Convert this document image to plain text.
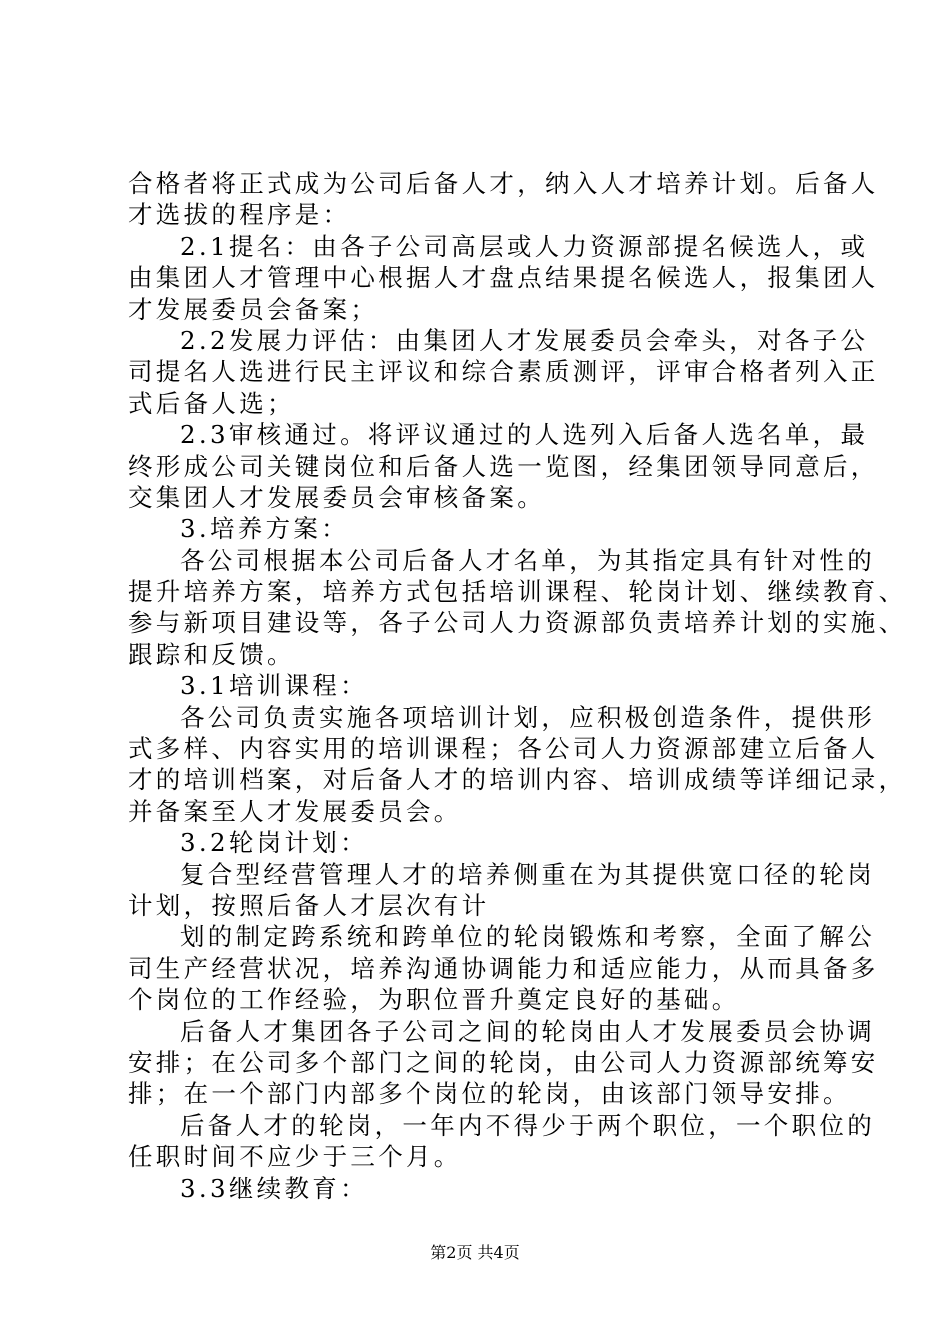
合格者将正式成为公司后备人才，纳入人才培养计划。后备人
才选拔的程序是：
2.1提名：由各子公司高层或人力资源部提名候选人，或
由集团人才管理中心根据人才盘点结果提名候选人，报集团人
才发展委员会备案；
2.2发展力评估：由集团人才发展委员会牵头，对各子公
司提名人选进行民主评议和综合素质测评，评审合格者列入正
式后备人选；
2.3审核通过。将评议通过的人选列入后备人选名单，最
终形成公司关键岗位和后备人选一览图，经集团领导同意后，
交集团人才发展委员会审核备案。
3.培养方案：
各公司根据本公司后备人才名单，为其指定具有针对性的
提升培养方案，培养方式包括培训课程、轮岗计划、继续教育、
参与新项目建设等，各子公司人力资源部负责培养计划的实施、
跟踪和反馈。
3.1培训课程：
各公司负责实施各项培训计划，应积极创造条件，提供形
式多样、内容实用的培训课程；各公司人力资源部建立后备人
才的培训档案，对后备人才的培训内容、培训成绩等详细记录，
并备案至人才发展委员会。
3.2轮岗计划：
复合型经营管理人才的培养侧重在为其提供宽口径的轮岗
计划，按照后备人才层次有计
划的制定跨系统和跨单位的轮岗锻炼和考察，全面了解公
司生产经营状况，培养沟通协调能力和适应能力，从而具备多
个岗位的工作经验，为职位晋升奠定良好的基础。
后备人才集团各子公司之间的轮岗由人才发展委员会协调
安排；在公司多个部门之间的轮岗，由公司人力资源部统筹安
排；在一个部门内部多个岗位的轮岗，由该部门领导安排。
后备人才的轮岗，一年内不得少于两个职位，一个职位的
任职时间不应少于三个月。
3.3继续教育：
第2页 共4页
